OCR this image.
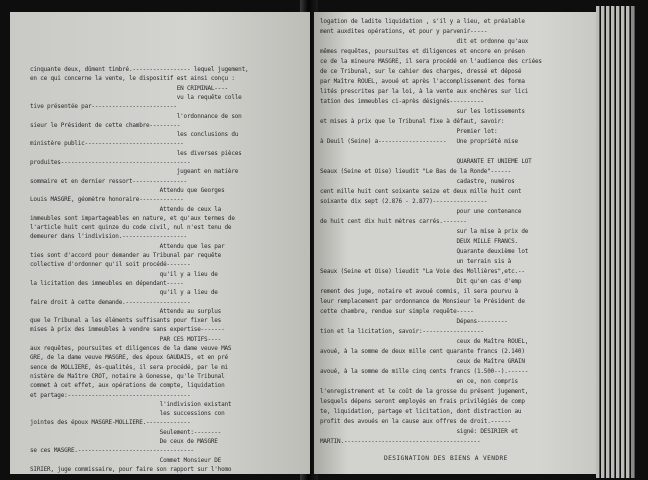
cinquante deux, dûment timbré.----------------- lequel jugement,
en ce qui concerne la vente, le dispositif est ainsi conçu :
EN CRIMINAL----
vu la requête colle
tive présentée par-------------------------
l'ordonnance de son
sieur le Président de cette chambre---------
les conclusions du
ministère public-----------------------------
les diverses pièces
produites--------------------------------------
jugeant en matière
sommaire et en dernier ressort----------------
Attendu que Georges
Louis MASGRE, géomètre honoraire-------------
Attendu de ceux la
immeubles sont impartageables en nature, et qu'aux termes de
l'article huit cent quinze du code civil, nul n'est tenu de
demeurer dans l'indivision.-------------------
Attendu que les par
ties sont d'accord pour demander au Tribunal par requête
collective d'ordonner qu'il soit procédé-------
qu'il y a lieu de
la licitation des immeubles en dépendant-----
qu'il y a lieu de
faire droit à cette demande.-------------------
Attendu au surplus
que le Tribunal a les éléments suffisants pour fixer les
mises à prix des immeubles à vendre sans expertise-------
PAR CES MOTIFS----
aux requêtes, poursuites et diligences de la dame veuve MAS
GRE, de la dame veuve MASGRE, des époux GAUDAIS, et en pré
sence de MOLLIERE, ès-qualités, il sera procédé, par le mi
nistère de Maître CROT, notaire à Gonesse, qu'le Tribunal
commet à cet effet, aux opérations de compte, liquidation
et partage:------------------------------------
l'indivision existant
les successions con
jointes des époux MASGRE-MOLLIERE.-------------
Seulement:--------
De ceux de MASGRE
se ces MASGRE.----------------------------------
Commet Monsieur DE
SIRIER, juge commissaire, pour faire son rapport sur l'homo
DESIGNATION DES BIENS A VENDRE
logation de ladite liquidation , s'il y a lieu, et préalable
ment auxdites opérations, et pour y parvenir-----
dit et ordonne qu'aux
mêmes requêtes, poursuites et diligences et encore en présen
ce de la mineure MASGRE, il sera procédé en l'audience des criées
de ce Tribunal, sur le cahier des charges, dressé et déposé
par Maître ROUEL, avoué et après l'accomplissement des forma
lités prescrites par la loi, à la vente aux enchères sur lici
tation des immeubles ci-après désignés----------
sur les lotissements
et mises à prix que le Tribunal fixe à défaut, savoir:
Premier lot:
à Deuil (Seine) a--------------------   Une propriété mise
QUARANTE ET UNIEME LOT
Seaux (Seine et Oise) lieudit "Le Bas de la Ronde"------
cadastre, numéros
cent mille huit cent soixante seize et deux mille huit cent
soixante dix sept (2.876 - 2.877)----------------
pour une contenance
de huit cent dix huit mètres carrés.-------
sur la mise à prix de
DEUX MILLE FRANCS.
Quarante deuxième lot
un terrain sis à
Seaux (Seine et Oise) lieudit "La Voie des Mollières",etc.--
Dit qu'en cas d'emp
rement des juge, notaire et avoué commis, il sera pourvu à
leur remplacement par ordonnance de Monsieur le Président de
cette chambre, rendue sur simple requête-----
Dépens---------
tion et la licitation, savoir:------------------
ceux de Maître ROUEL,
avoué, à la somme de deux mille cent quarante francs (2.140)
ceux de Maître GRAIN
avoué, à la somme de mille cinq cents francs (1.500--).------
en ce, non compris
l'enregistrement et le coût de la grosse du présent jugement,
lesquels dépens seront employés en frais privilégiés de comp
te, liquidation, partage et licitation, dont distraction au
profit des avoués en la cause aux offres de droit.------
signé: DESIRIER et
MARTIN.----------------------------------------
